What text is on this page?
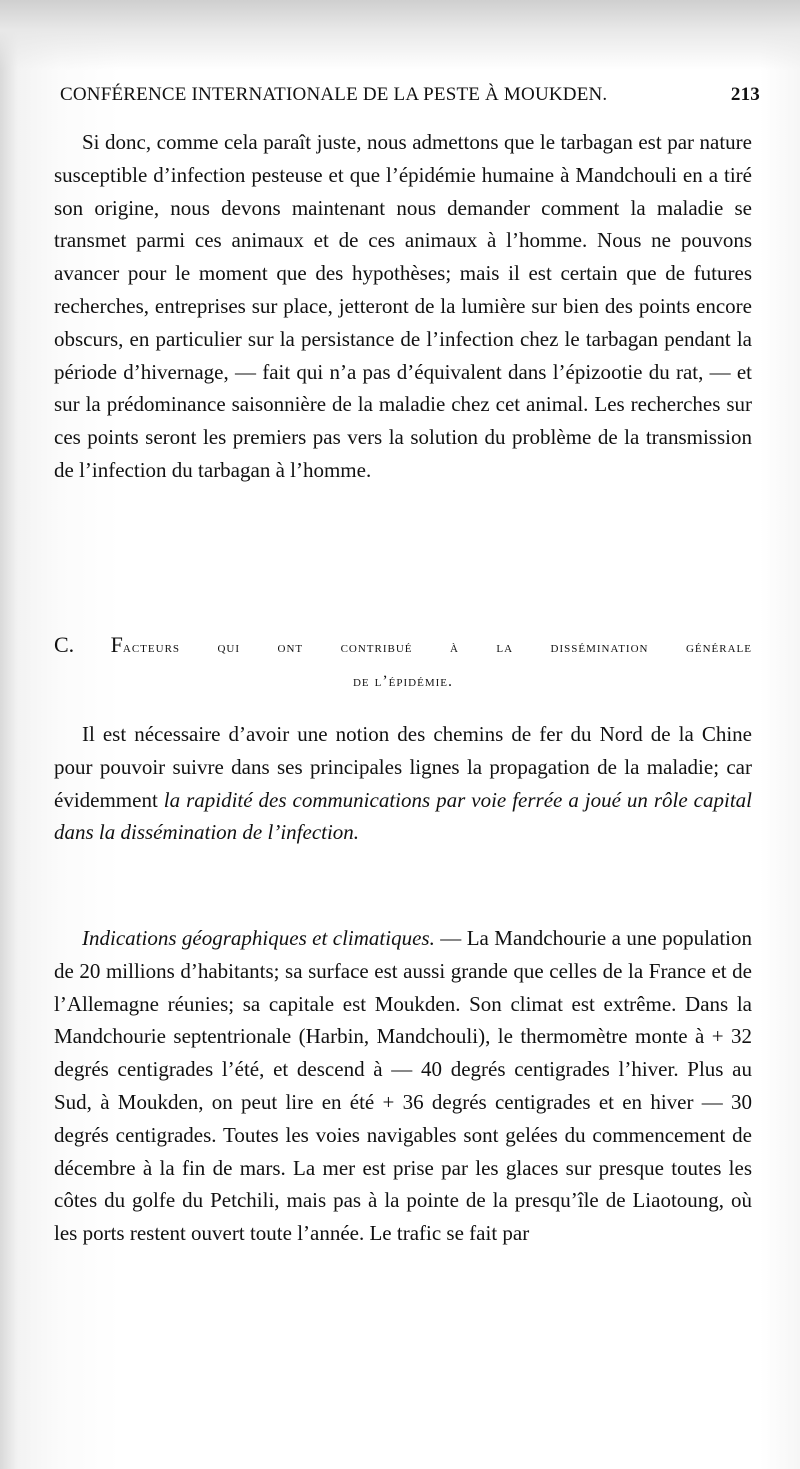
CONFÉRENCE INTERNATIONALE DE LA PESTE À MOUKDEN.	213

Si donc, comme cela paraît juste, nous admettons que le tarbagan est par nature susceptible d’infection pesteuse et que l’épidémie humaine à Mandchouli en a tiré son origine, nous devons maintenant nous demander comment la maladie se transmet parmi ces animaux et de ces animaux à l’homme. Nous ne pouvons avancer pour le moment que des hypothèses; mais il est certain que de futures recherches, entreprises sur place, jetteront de la lumière sur bien des points encore obscurs, en particulier sur la persistance de l’infection chez le tarbagan pendant la période d’hivernage, — fait qui n’a pas d’équivalent dans l’épizootie du rat, — et sur la prédominance saisonnière de la maladie chez cet animal. Les recherches sur ces points seront les premiers pas vers la solution du problème de la transmission de l’infection du tarbagan à l’homme.

C. Facteurs qui ont contribué à la dissémination générale
de l’épidémie.

Il est nécessaire d’avoir une notion des chemins de fer du Nord de la Chine pour pouvoir suivre dans ses principales lignes la propagation de la maladie; car évidemment la rapidité des communications par voie ferrée a joué un rôle capital dans la dissémination de l’infection.

Indications géographiques et climatiques. — La Mandchourie a une population de 20 millions d’habitants; sa surface est aussi grande que celles de la France et de l’Allemagne réunies; sa capitale est Moukden. Son climat est extrême. Dans la Mandchourie septentrionale (Harbin, Mandchouli), le thermomètre monte à + 32 degrés centigrades l’été, et descend à — 40 degrés centigrades l’hiver. Plus au Sud, à Moukden, on peut lire en été + 36 degrés centigrades et en hiver — 30 degrés centigrades. Toutes les voies navigables sont gelées du commencement de décembre à la fin de mars. La mer est prise par les glaces sur presque toutes les côtes du golfe du Petchili, mais pas à la pointe de la presqu’île de Liaotoung, où les ports restent ouvert toute l’année. Le trafic se fait par
